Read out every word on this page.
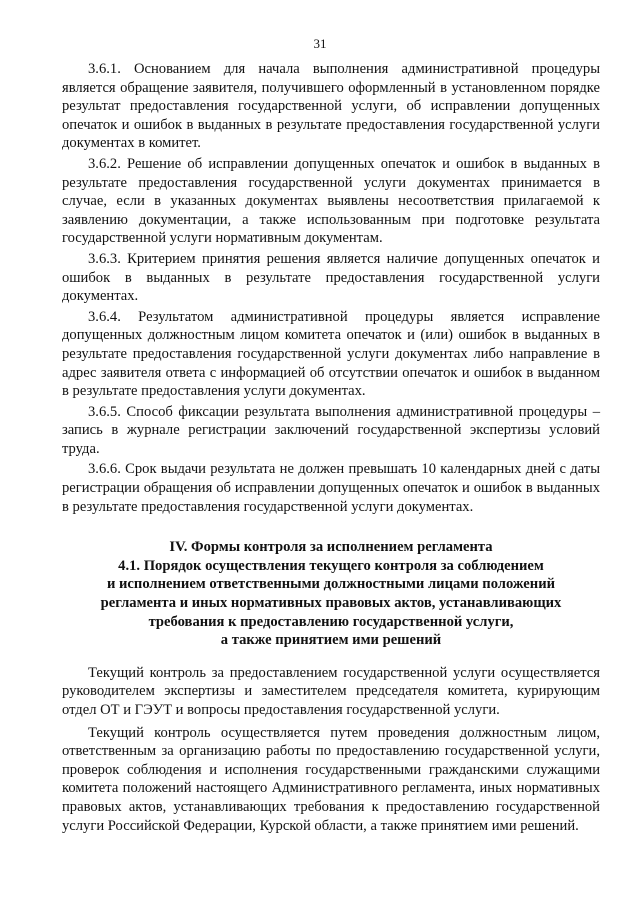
31

3.6.1. Основанием для начала выполнения административной процедуры является обращение заявителя, получившего оформленный в установленном порядке результат предоставления государственной услуги, об исправлении допущенных опечаток и ошибок в выданных в результате предоставления государственной услуги документах в комитет.

3.6.2. Решение об исправлении допущенных опечаток и ошибок в выданных в результате предоставления государственной услуги документах принимается в случае, если в указанных документах выявлены несоответствия прилагаемой к заявлению документации, а также использованным при подготовке результата государственной услуги нормативным документам.

3.6.3. Критерием принятия решения является наличие допущенных опечаток и ошибок в выданных в результате предоставления государственной услуги документах.

3.6.4. Результатом административной процедуры является исправление допущенных должностным лицом комитета опечаток и (или) ошибок в выданных в результате предоставления государственной услуги документах либо направление в адрес заявителя ответа с информацией об отсутствии опечаток и ошибок в выданном в результате предоставления услуги документах.

3.6.5. Способ фиксации результата выполнения административной процедуры – запись в журнале регистрации заключений государственной экспертизы условий труда.

3.6.6. Срок выдачи результата не должен превышать 10 календарных дней с даты регистрации обращения об исправлении допущенных опечаток и ошибок в выданных в результате предоставления государственной услуги документах.

IV. Формы контроля за исполнением регламента
4.1. Порядок осуществления текущего контроля за соблюдением
и исполнением ответственными должностными лицами положений
регламента и иных нормативных правовых актов, устанавливающих
требования к предоставлению государственной услуги,
а также принятием ими решений

Текущий контроль за предоставлением государственной услуги осуществляется руководителем экспертизы и заместителем председателя комитета, курирующим отдел ОТ и ГЭУТ и вопросы предоставления государственной услуги.

Текущий контроль осуществляется путем проведения должностным лицом, ответственным за организацию работы по предоставлению государственной услуги, проверок соблюдения и исполнения государственными гражданскими служащими комитета положений настоящего Административного регламента, иных нормативных правовых актов, устанавливающих требования к предоставлению государственной услуги Российской Федерации, Курской области, а также принятием ими решений.
